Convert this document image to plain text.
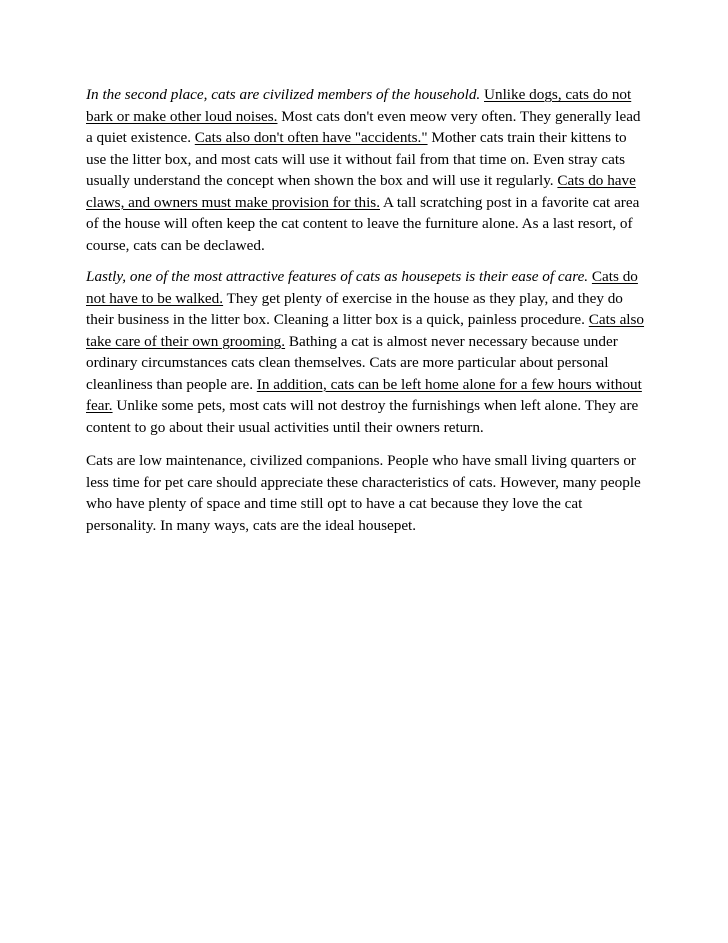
In the second place, cats are civilized members of the household. Unlike dogs, cats do not bark or make other loud noises. Most cats don't even meow very often. They generally lead a quiet existence. Cats also don't often have "accidents." Mother cats train their kittens to use the litter box, and most cats will use it without fail from that time on. Even stray cats usually understand the concept when shown the box and will use it regularly. Cats do have claws, and owners must make provision for this. A tall scratching post in a favorite cat area of the house will often keep the cat content to leave the furniture alone. As a last resort, of course, cats can be declawed.

Lastly, one of the most attractive features of cats as housepets is their ease of care. Cats do not have to be walked. They get plenty of exercise in the house as they play, and they do their business in the litter box. Cleaning a litter box is a quick, painless procedure. Cats also take care of their own grooming. Bathing a cat is almost never necessary because under ordinary circumstances cats clean themselves. Cats are more particular about personal cleanliness than people are. In addition, cats can be left home alone for a few hours without fear. Unlike some pets, most cats will not destroy the furnishings when left alone. They are content to go about their usual activities until their owners return.

Cats are low maintenance, civilized companions. People who have small living quarters or less time for pet care should appreciate these characteristics of cats. However, many people who have plenty of space and time still opt to have a cat because they love the cat personality. In many ways, cats are the ideal housepet.
